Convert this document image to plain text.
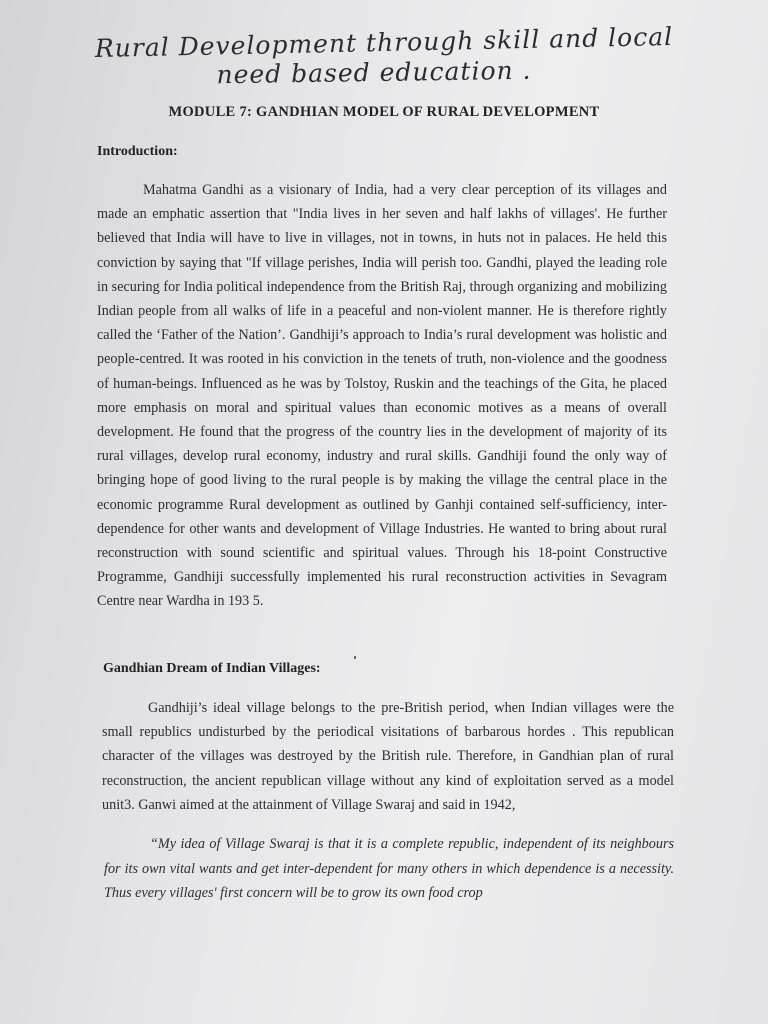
Rural Development through skill and local
need based education .
MODULE 7: GANDHIAN MODEL OF RURAL DEVELOPMENT
Introduction:

Mahatma Gandhi as a visionary of India, had a very clear perception of its villages and made an emphatic assertion that "India lives in her seven and half lakhs of villages'. He further believed that India will have to live in villages, not in towns, in huts not in palaces. He held this conviction by saying that "If village perishes, India will perish too. Gandhi, played the leading role in securing for India political independence from the British Raj, through organizing and mobilizing Indian people from all walks of life in a peaceful and non-violent manner. He is therefore rightly called the ‘Father of the Nation’. Gandhiji’s approach to India’s rural development was holistic and people-centred. It was rooted in his conviction in the tenets of truth, non-violence and the goodness of human-beings. Influenced as he was by Tolstoy, Ruskin and the teachings of the Gita, he placed more emphasis on moral and spiritual values than economic motives as a means of overall development. He found that the progress of the country lies in the development of majority of its rural villages, develop rural economy, industry and rural skills. Gandhiji found the only way of bringing hope of good living to the rural people is by making the village the central place in the economic programme Rural development as outlined by Ganhji contained self-sufficiency, inter-dependence for other wants and development of Village Industries. He wanted to bring about rural reconstruction with sound scientific and spiritual values. Through his 18-point Constructive Programme, Gandhiji successfully implemented his rural reconstruction activities in Sevagram Centre near Wardha in 193 5.

Gandhian Dream of Indian Villages:

Gandhiji’s ideal village belongs to the pre-British period, when Indian villages were the small republics undisturbed by the periodical visitations of barbarous hordes . This republican character of the villages was destroyed by the British rule. Therefore, in Gandhian plan of rural reconstruction, the ancient republican village without any kind of exploitation served as a model unit3. Ganwi aimed at the attainment of Village Swaraj and said in 1942,

“My idea of Village Swaraj is that it is a complete republic, independent of its neighbours for its own vital wants and get inter-dependent for many others in which dependence is a necessity. Thus every villages' first concern will be to grow its own food crop
